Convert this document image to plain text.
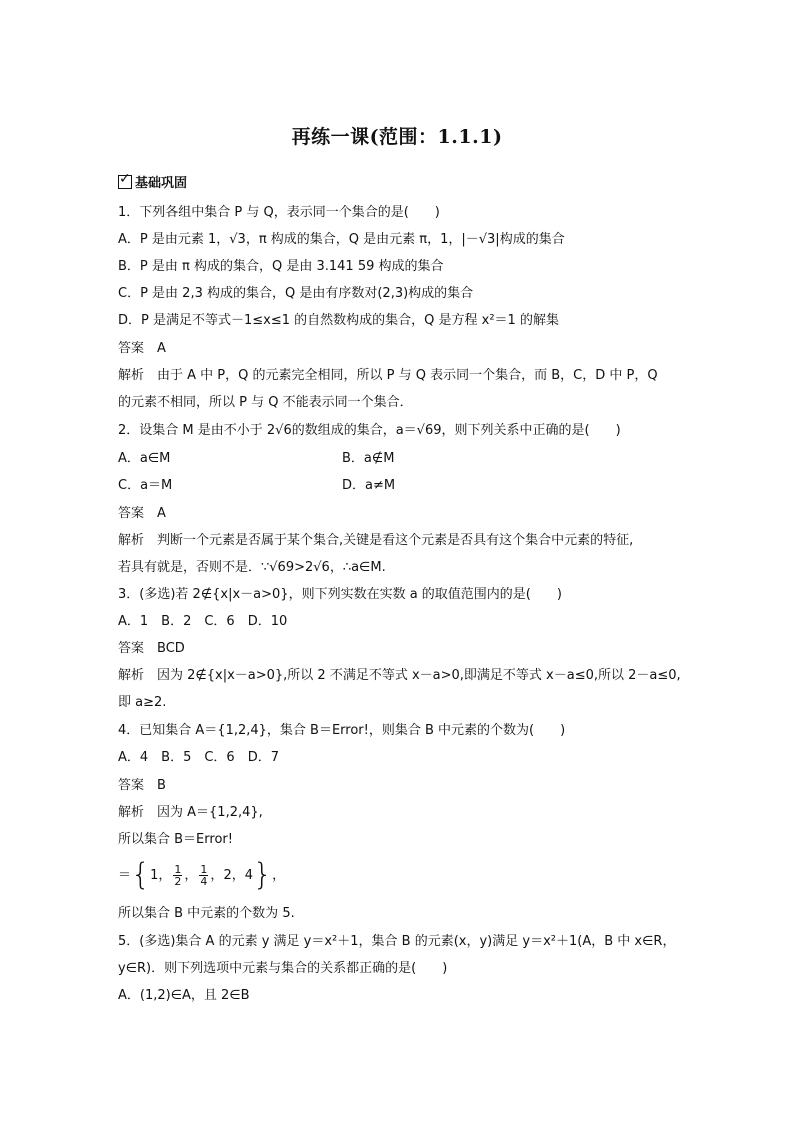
再练一课(范围：1.1.1)
✓基础巩固
1．下列各组中集合 P 与 Q，表示同一个集合的是(　　)
A．P 是由元素 1，√3，π 构成的集合，Q 是由元素 π，1，|－√3|构成的集合
B．P 是由 π 构成的集合，Q 是由 3.141 59 构成的集合
C．P 是由 2,3 构成的集合，Q 是由有序数对(2,3)构成的集合
D．P 是满足不等式－1≤x≤1 的自然数构成的集合，Q 是方程 x²＝1 的解集
答案　A
解析　由于 A 中 P，Q 的元素完全相同，所以 P 与 Q 表示同一个集合，而 B，C，D 中 P，Q
的元素不相同，所以 P 与 Q 不能表示同一个集合．
2．设集合 M 是由不小于 2√6的数组成的集合，a＝√69，则下列关系中正确的是(　　)
A．a∈M	B．a∉M
C．a＝M	D．a≠M
答案　A
解析　判断一个元素是否属于某个集合,关键是看这个元素是否具有这个集合中元素的特征,
若具有就是，否则不是．∵√69>2√6，∴a∈M.
3．(多选)若 2∉{x|x－a>0}，则下列实数在实数 a 的取值范围内的是(　　)
A．1　B．2　C．6　D．10
答案　BCD
解析　因为 2∉{x|x－a>0},所以 2 不满足不等式 x－a>0,即满足不等式 x－a≤0,所以 2－a≤0,
即 a≥2.
4．已知集合 A＝{1,2,4}，集合 B＝Error!，则集合 B 中元素的个数为(　　)
A．4　B．5　C．6　D．7
答案　B
解析　因为 A＝{1,2,4},
所以集合 B＝Error!
＝{1， $\frac{1}{2}$ ， $\frac{1}{4}$ ，2，4}，
所以集合 B 中元素的个数为 5.
5．(多选)集合 A 的元素 y 满足 y＝x²＋1，集合 B 的元素(x，y)满足 y＝x²＋1(A，B 中 x∈R，
y∈R)．则下列选项中元素与集合的关系都正确的是(　　)
A．(1,2)∈A，且 2∈B
